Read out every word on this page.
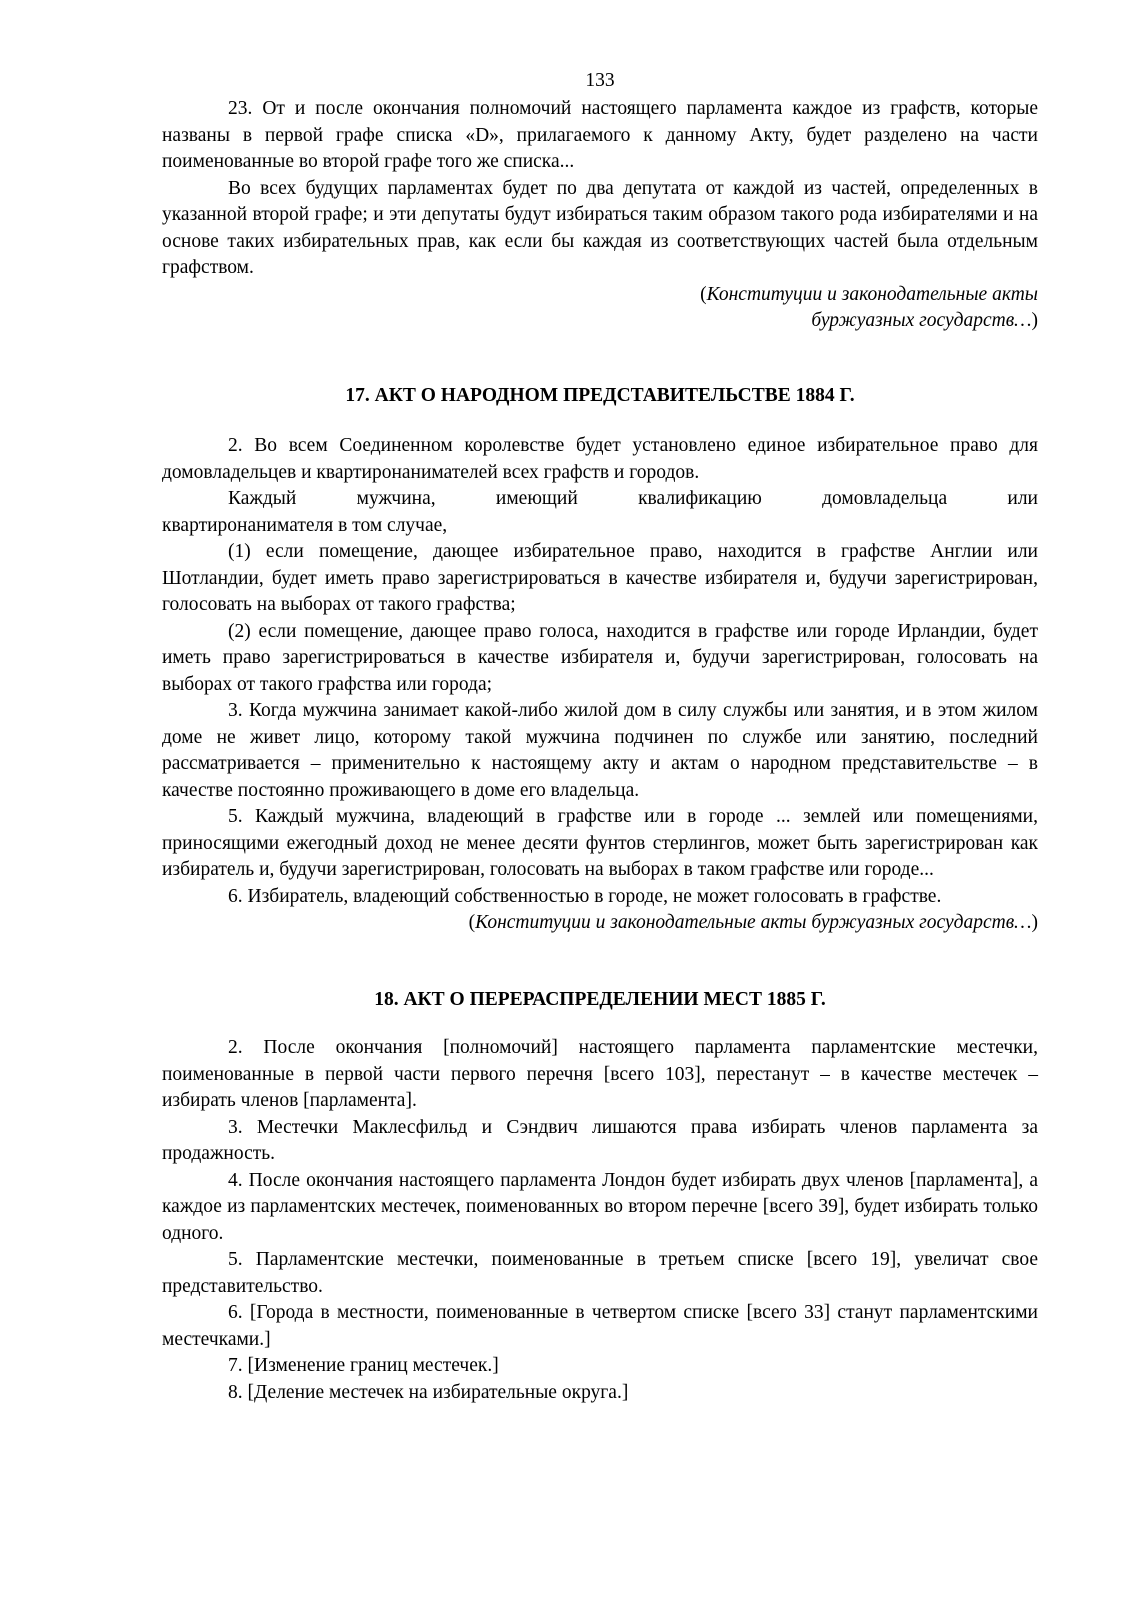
133

23. От и после окончания полномочий настоящего парламента каждое из графств, которые названы в первой графе списка «D», прилагаемого к данному Акту, будет разделено на части поименованные во второй графе того же списка...

Во всех будущих парламентах будет по два депутата от каждой из частей, определенных в указанной второй графе; и эти депутаты будут избираться таким образом такого рода избирателями и на основе таких избирательных прав, как если бы каждая из соответствующих частей была отдельным графством.

(Конституции и законодательные акты
буржуазных государств…)
17. АКТ О НАРОДНОМ ПРЕДСТАВИТЕЛЬСТВЕ 1884 Г.

2. Во всем Соединенном королевстве будет установлено единое избирательное право для домовладельцев и квартиронанимателей всех графств и городов.

Каждый мужчина, имеющий квалификацию домовладельца или

квартиронанимателя в том случае,

(1) если помещение, дающее избирательное право, находится в графстве Англии или Шотландии, будет иметь право зарегистрироваться в качестве избирателя и, будучи зарегистрирован, голосовать на выборах от такого графства;

(2) если помещение, дающее право голоса, находится в графстве или городе Ирландии, будет иметь право зарегистрироваться в качестве избирателя и, будучи зарегистрирован, голосовать на выборах от такого графства или города;

3. Когда мужчина занимает какой-либо жилой дом в силу службы или занятия, и в этом жилом доме не живет лицо, которому такой мужчина подчинен по службе или занятию, последний рассматривается – применительно к настоящему акту и актам о народном представительстве – в качестве постоянно проживающего в доме его владельца.

5. Каждый мужчина, владеющий в графстве или в городе ... землей или помещениями, приносящими ежегодный доход не менее десяти фунтов стерлингов, может быть зарегистрирован как избиратель и, будучи зарегистрирован, голосовать на выборах в таком графстве или городе...

6. Избиратель, владеющий собственностью в городе, не может голосовать в графстве.

(Конституции и законодательные акты буржуазных государств…)
18. АКТ О ПЕРЕРАСПРЕДЕЛЕНИИ МЕСТ 1885 Г.

2. После окончания [полномочий] настоящего парламента парламентские местечки, поименованные в первой части первого перечня [всего 103], перестанут – в качестве местечек – избирать членов [парламента].

3. Местечки Маклесфильд и Сэндвич лишаются права избирать членов парламента за продажность.

4. После окончания настоящего парламента Лондон будет избирать двух членов [парламента], а каждое из парламентских местечек, поименованных во втором перечне [всего 39], будет избирать только одного.

5. Парламентские местечки, поименованные в третьем списке [всего 19], увеличат свое представительство.

6. [Города в местности, поименованные в четвертом списке [всего 33] станут парламентскими местечками.]

7. [Изменение границ местечек.]

8. [Деление местечек на избирательные округа.]
